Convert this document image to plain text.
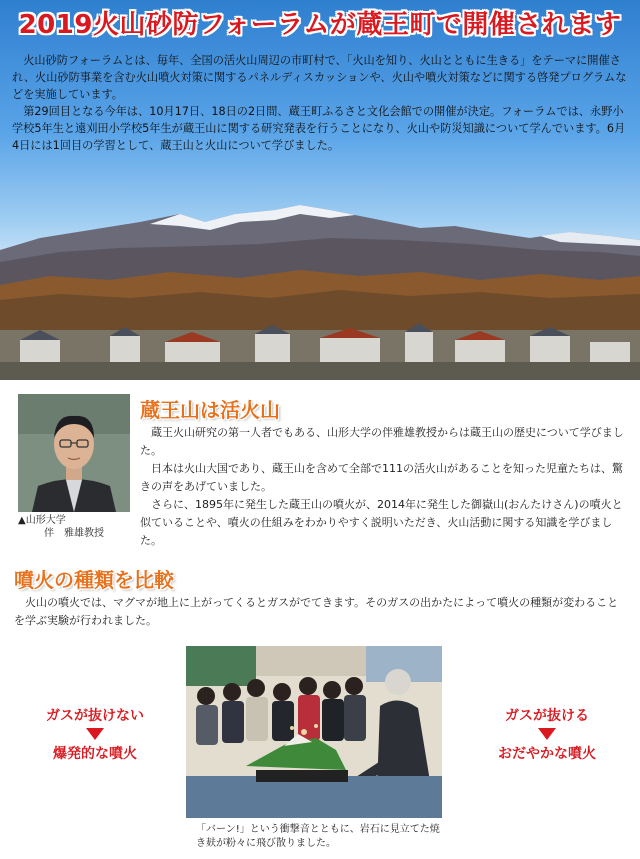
2019火山砂防フォーラムが蔵王町で開催されます

火山砂防フォーラムとは、毎年、全国の活火山周辺の市町村で、「火山を知り、火山とともに生きる」をテーマに開催され、火山砂防事業を含む火山噴火対策に関するパネルディスカッションや、火山や噴火対策などに関する啓発プログラムなどを実施しています。

第29回目となる今年は、10月17日、18日の2日間、蔵王町ふるさと文化会館での開催が決定。フォーラムでは、永野小学校5年生と遠刈田小学校5年生が蔵王山に関する研究発表を行うことになり、火山や防災知識について学んでいます。6月4日には1回目の学習として、蔵王山と火山について学びました。

▲山形大学
伴　雅雄教授
蔵王山は活火山

蔵王火山研究の第一人者でもある、山形大学の伴雅雄教授からは蔵王山の歴史について学びました。

日本は火山大国であり、蔵王山を含めて全部で111の活火山があることを知った児童たちは、驚きの声をあげていました。

さらに、1895年に発生した蔵王山の噴火が、2014年に発生した御嶽山(おんたけさん)の噴火と似ていることや、噴火の仕組みをわかりやすく説明いただき、火山活動に関する知識を学びました。

噴火の種類を比較

火山の噴火では、マグマが地上に上がってくるとガスがでてきます。そのガスの出かたによって噴火の種類が変わることを学ぶ実験が行われました。

ガスが抜けない
爆発的な噴火
ガスが抜ける
おだやかな噴火
「バーン!」という衝撃音とともに、岩石に見立てた焼き麸が粉々に飛び散りました。
